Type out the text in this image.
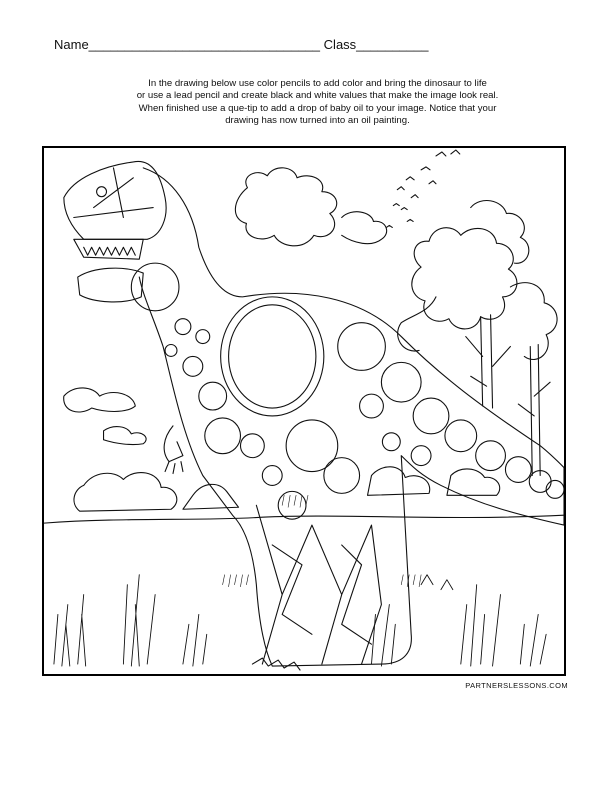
Name________________________________ Class__________
In the drawing below use color pencils to add color and bring the dinosaur to life
or use a lead pencil and create black and white values that make the image look real.
When finished use a que-tip to add a drop of baby oil to your image. Notice that your
drawing has now turned into an oil painting.
PARTNERSLESSONS.COM
